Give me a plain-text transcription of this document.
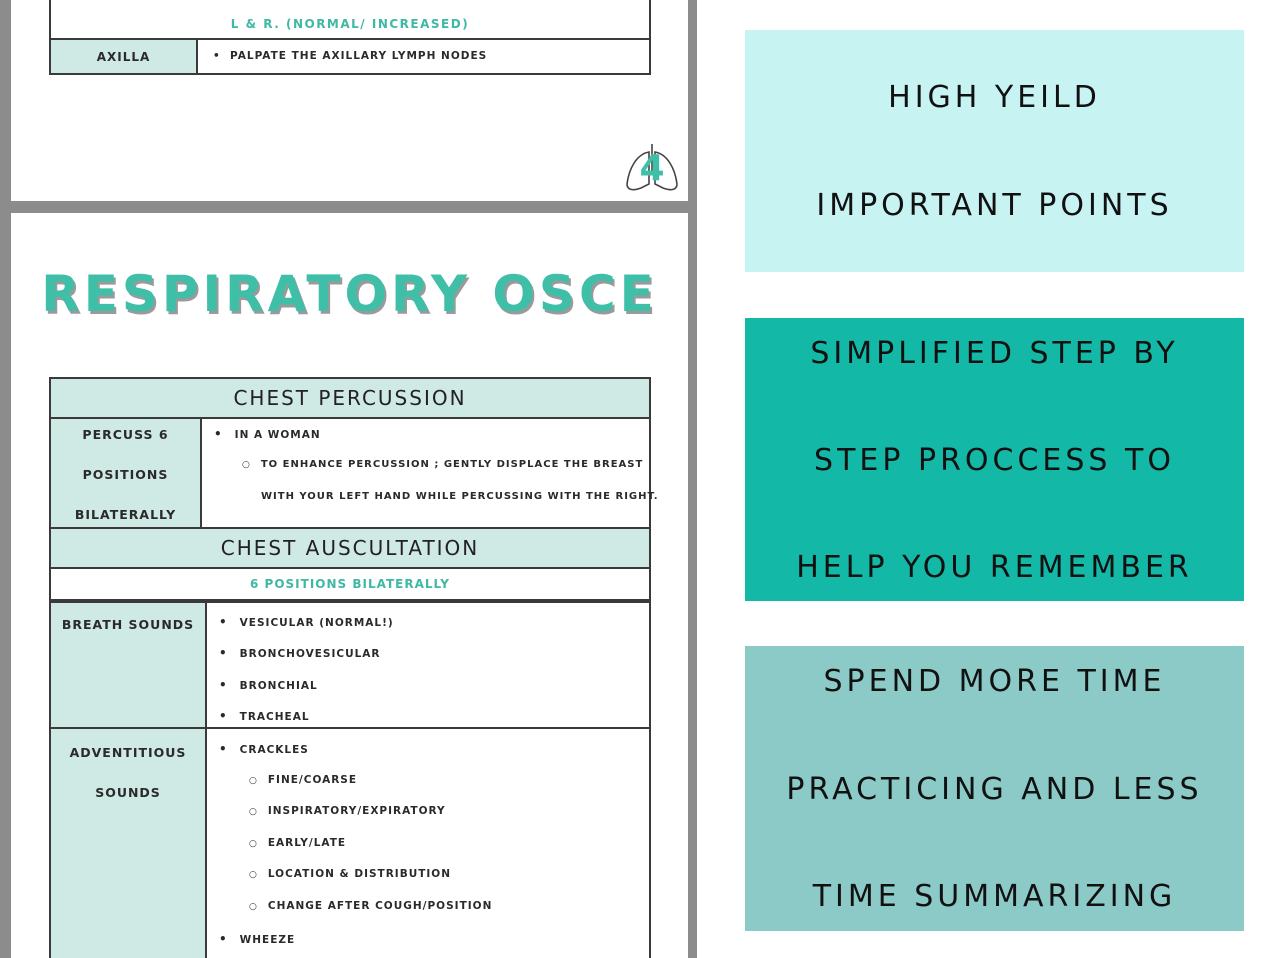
L & R. (NORMAL/ INCREASED)
AXILLA	•  PALPATE THE AXILLARY LYMPH NODES
4
RESPIRATORY OSCE
CHEST PERCUSSION
PERCUSS 6
POSITIONS
BILATERALLY
• IN A WOMAN
○ TO ENHANCE PERCUSSION ; GENTLY DISPLACE THE BREAST
WITH YOUR LEFT HAND WHILE PERCUSSING WITH THE RIGHT.
CHEST AUSCULTATION
6 POSITIONS BILATERALLY
BREATH SOUNDS
•	VESICULAR (NORMAL!)
• BRONCHOVESICULAR
• BRONCHIAL
• TRACHEAL
ADVENTITIOUS
SOUNDS
• CRACKLES
○ FINE/COARSE
○ INSPIRATORY/EXPIRATORY
○ EARLY/LATE
○ LOCATION & DISTRIBUTION
○ CHANGE AFTER COUGH/POSITION
• WHEEZE
HIGH YEILD
IMPORTANT POINTS
SIMPLIFIED STEP BY
STEP PROCCESS TO
HELP YOU REMEMBER
SPEND MORE TIME
PRACTICING AND LESS
TIME SUMMARIZING
